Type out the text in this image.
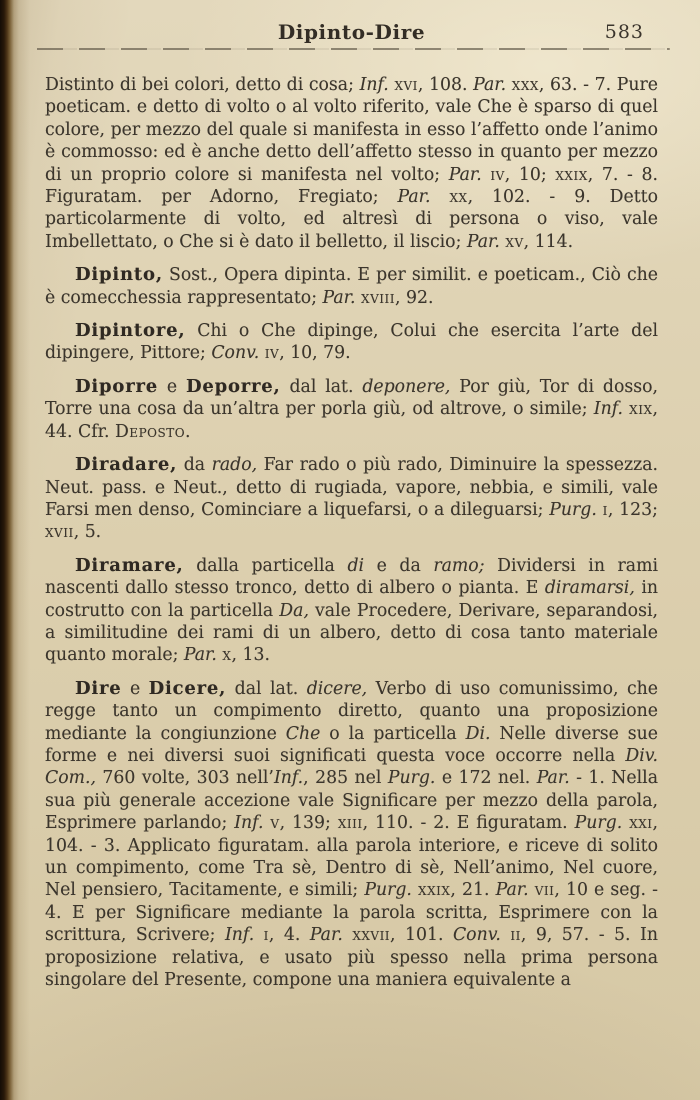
Dipinto-Dire	583

Distinto di bei colori, detto di cosa; Inf. xvi, 108. Par. xxx, 63. - 7. Pure poeticam. e detto di volto o al volto riferito, vale Che è sparso di quel colore, per mezzo del quale si manifesta in esso l’affetto onde l’animo è commosso: ed è anche detto dell’affetto stesso in quanto per mezzo di un proprio colore si manifesta nel volto; Par. iv, 10; xxix, 7. - 8. Figuratam. per Adorno, Fregiato; Par. xx, 102. - 9. Detto particolarmente di volto, ed altresì di persona o viso, vale Imbellettato, o Che si è dato il belletto, il liscio; Par. xv, 114.

Dipinto, Sost., Opera dipinta. E per similit. e poeticam., Ciò che è comecchessia rappresentato; Par. xviii, 92.

Dipintore, Chi o Che dipinge, Colui che esercita l’arte del dipingere, Pittore; Conv. iv, 10, 79.

Diporre e Deporre, dal lat. deponere, Por giù, Tor di dosso, Torre una cosa da un’altra per porla giù, od altrove, o simile; Inf. xix, 44. Cfr. Deposto.

Diradare, da rado, Far rado o più rado, Diminuire la spessezza. Neut. pass. e Neut., detto di rugiada, vapore, nebbia, e simili, vale Farsi men denso, Cominciare a liquefarsi, o a dileguarsi; Purg. i, 123; xvii, 5.

Diramare, dalla particella di e da ramo; Dividersi in rami nascenti dallo stesso tronco, detto di albero o pianta. E diramarsi, in costrutto con la particella Da, vale Procedere, Derivare, separandosi, a similitudine dei rami di un albero, detto di cosa tanto materiale quanto morale; Par. x, 13.

Dire e Dicere, dal lat. dicere, Verbo di uso comunissimo, che regge tanto un compimento diretto, quanto una proposizione mediante la congiunzione Che o la particella Di. Nelle diverse sue forme e nei diversi suoi significati questa voce occorre nella Div. Com., 760 volte, 303 nell’Inf., 285 nel Purg. e 172 nel. Par. - 1. Nella sua più generale accezione vale Significare per mezzo della parola, Esprimere parlando; Inf. v, 139; xiii, 110. - 2. E figuratam. Purg. xxi, 104. - 3. Applicato figuratam. alla parola interiore, e riceve di solito un compimento, come Tra sè, Dentro di sè, Nell’animo, Nel cuore, Nel pensiero, Tacitamente, e simili; Purg. xxix, 21. Par. vii, 10 e seg. - 4. E per Significare mediante la parola scritta, Esprimere con la scrittura, Scrivere; Inf. i, 4. Par. xxvii, 101. Conv. ii, 9, 57. - 5. In proposizione relativa, e usato più spesso nella prima persona singolare del Presente, compone una maniera equivalente a
